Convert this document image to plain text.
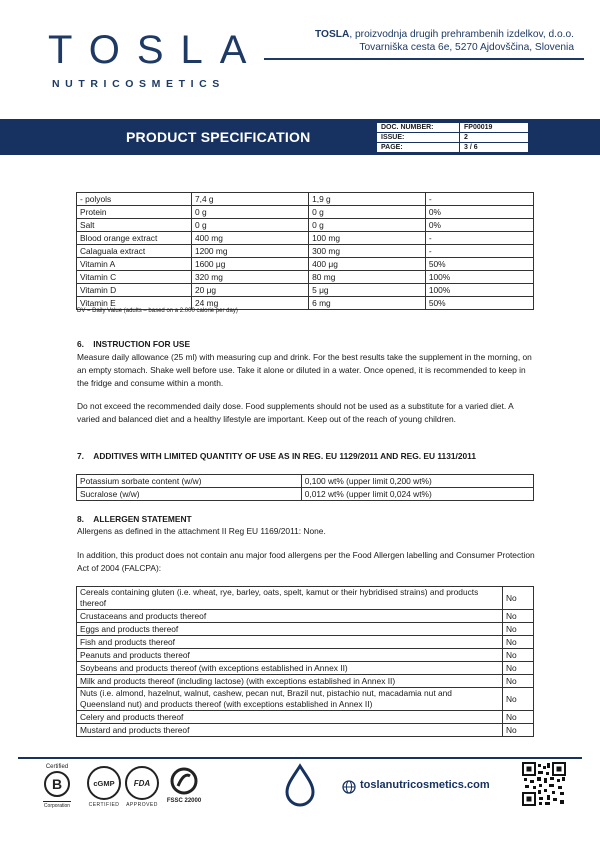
TOSLA
NUTRICOSMETICS
TOSLA, proizvodnja drugih prehrambenih izdelkov, d.o.o.
Tovarniška cesta 6e, 5270 Ajdovščina, Slovenia
PRODUCT SPECIFICATION
DOC. NUMBER:	FP00019
ISSUE:	2
PAGE:	3 / 6
- polyols	7,4 g	1,9 g	-
Protein	0 g	0 g	0%
Salt	0 g	0 g	0%
Blood orange extract	400 mg	100 mg	-
Calaguala extract	1200 mg	300 mg	-
Vitamin A	1600 μg	400 μg	50%
Vitamin C	320 mg	80 mg	100%
Vitamin D	20 μg	5 μg	100%
Vitamin E	24 mg	6 mg	50%
DV = Daily Value (adults – based on a 2.000 calorie per day)
6.    INSTRUCTION FOR USE
Measure daily allowance (25 ml) with measuring cup and drink. For the best results take the supplement in the morning, on an empty stomach. Shake well before use. Take it alone or diluted in a water. Once opened, it is recommended to keep in the fridge and consume within a month.
Do not exceed the recommended daily dose. Food supplements should not be used as a substitute for a varied diet. A varied and balanced diet and a healthy lifestyle are important. Keep out of the reach of young children.
7.    ADDITIVES WITH LIMITED QUANTITY OF USE AS IN REG. EU 1129/2011 AND REG. EU 1131/2011
Potassium sorbate content (w/w)	0,100 wt% (upper limit 0,200 wt%)
Sucralose (w/w)	0,012 wt% (upper limit 0,024 wt%)
8.    ALLERGEN STATEMENT
Allergens as defined in the attachment II Reg EU 1169/2011: None.
In addition, this product does not contain anu major food allergens per the Food Allergen labelling and Consumer Protection Act of 2004 (FALCPA):
Cereals containing gluten (i.e. wheat, rye, barley, oats, spelt, kamut or their hybridised strains) and products thereof	No
Crustaceans and products thereof	No
Eggs and products thereof	No
Fish and products thereof	No
Peanuts and products thereof	No
Soybeans and products thereof (with exceptions established in Annex II)	No
Milk and products thereof (including lactose) (with exceptions established in Annex II)	No
Nuts (i.e. almond, hazelnut, walnut, cashew, pecan nut, Brazil nut, pistachio nut, macadamia nut and Queensland nut) and products thereof (with exceptions established in Annex II)	No
Celery and products thereof	No
Mustard and products thereof	No
Certified
B
Corporation
cGMP
CERTIFIED
FDA
APPROVED
FSSC 22000
toslanutricosmetics.com
